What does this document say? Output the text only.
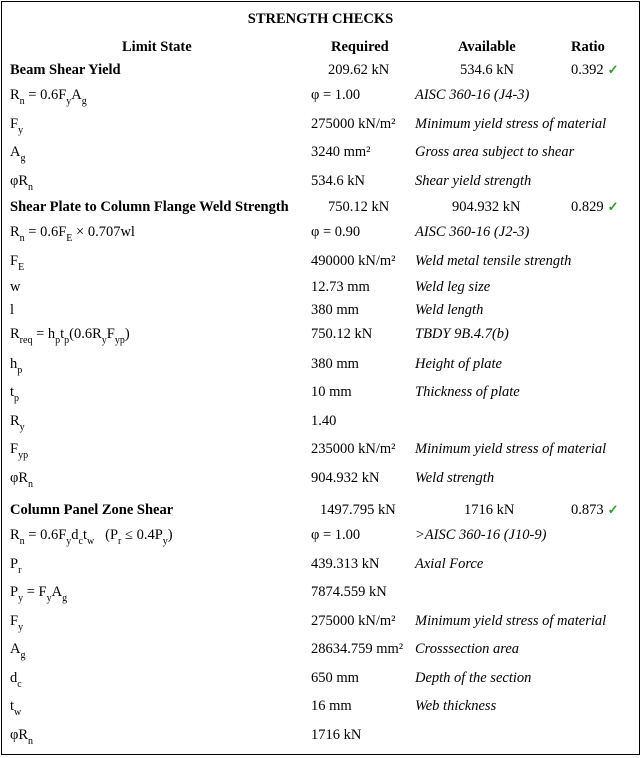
STRENGTH CHECKS
Limit State	Required	Available	Ratio
Beam Shear Yield	209.62 kN	534.6 kN	0.392 ✓
$R_n = 0.6F_yA_g$	φ = 1.00	AISC 360-16 (J4-3)
$F_y$	275000 kN/m² Minimum yield stress of material
$A_g$	3240 mm²	Gross area subject to shear
$\varphi R_n$	534.6 kN	Shear yield strength
Shear Plate to Column Flange Weld Strength	750.12 kN	904.932 kN	0.829 ✓
$R_n = 0.6F_E \times 0.707wl$	φ = 0.90	AISC 360-16 (J2-3)
$F_E$	490000 kN/m² Weld metal tensile strength
w	12.73 mm	Weld leg size
l	380 mm	Weld length
$R_{req} = h_pt_p(0.6R_yF_{yp})$	750.12 kN	TBDY 9B.4.7(b)
$h_p$	380 mm	Height of plate
$t_p$	10 mm	Thickness of plate
$R_y$	1.40
$F_{yp}$	235000 kN/m² Minimum yield stress of material
$\varphi R_n$	904.932 kN Weld strength
Column Panel Zone Shear	1497.795 kN	1716 kN	0.873 ✓
$R_n = 0.6F_yd_ct_w$   $(P_r \le 0.4P_y)$	φ = 1.00	>AISC 360-16 (J10-9)
$P_r$	439.313 kN Axial Force
$P_y = F_yA_g$	7874.559 kN
$F_y$	275000 kN/m² Minimum yield stress of material
$A_g$	28634.759 mm² Crosssection area
$d_c$	650 mm	Depth of the section
$t_w$	16 mm	Web thickness
$\varphi R_n$	1716 kN
